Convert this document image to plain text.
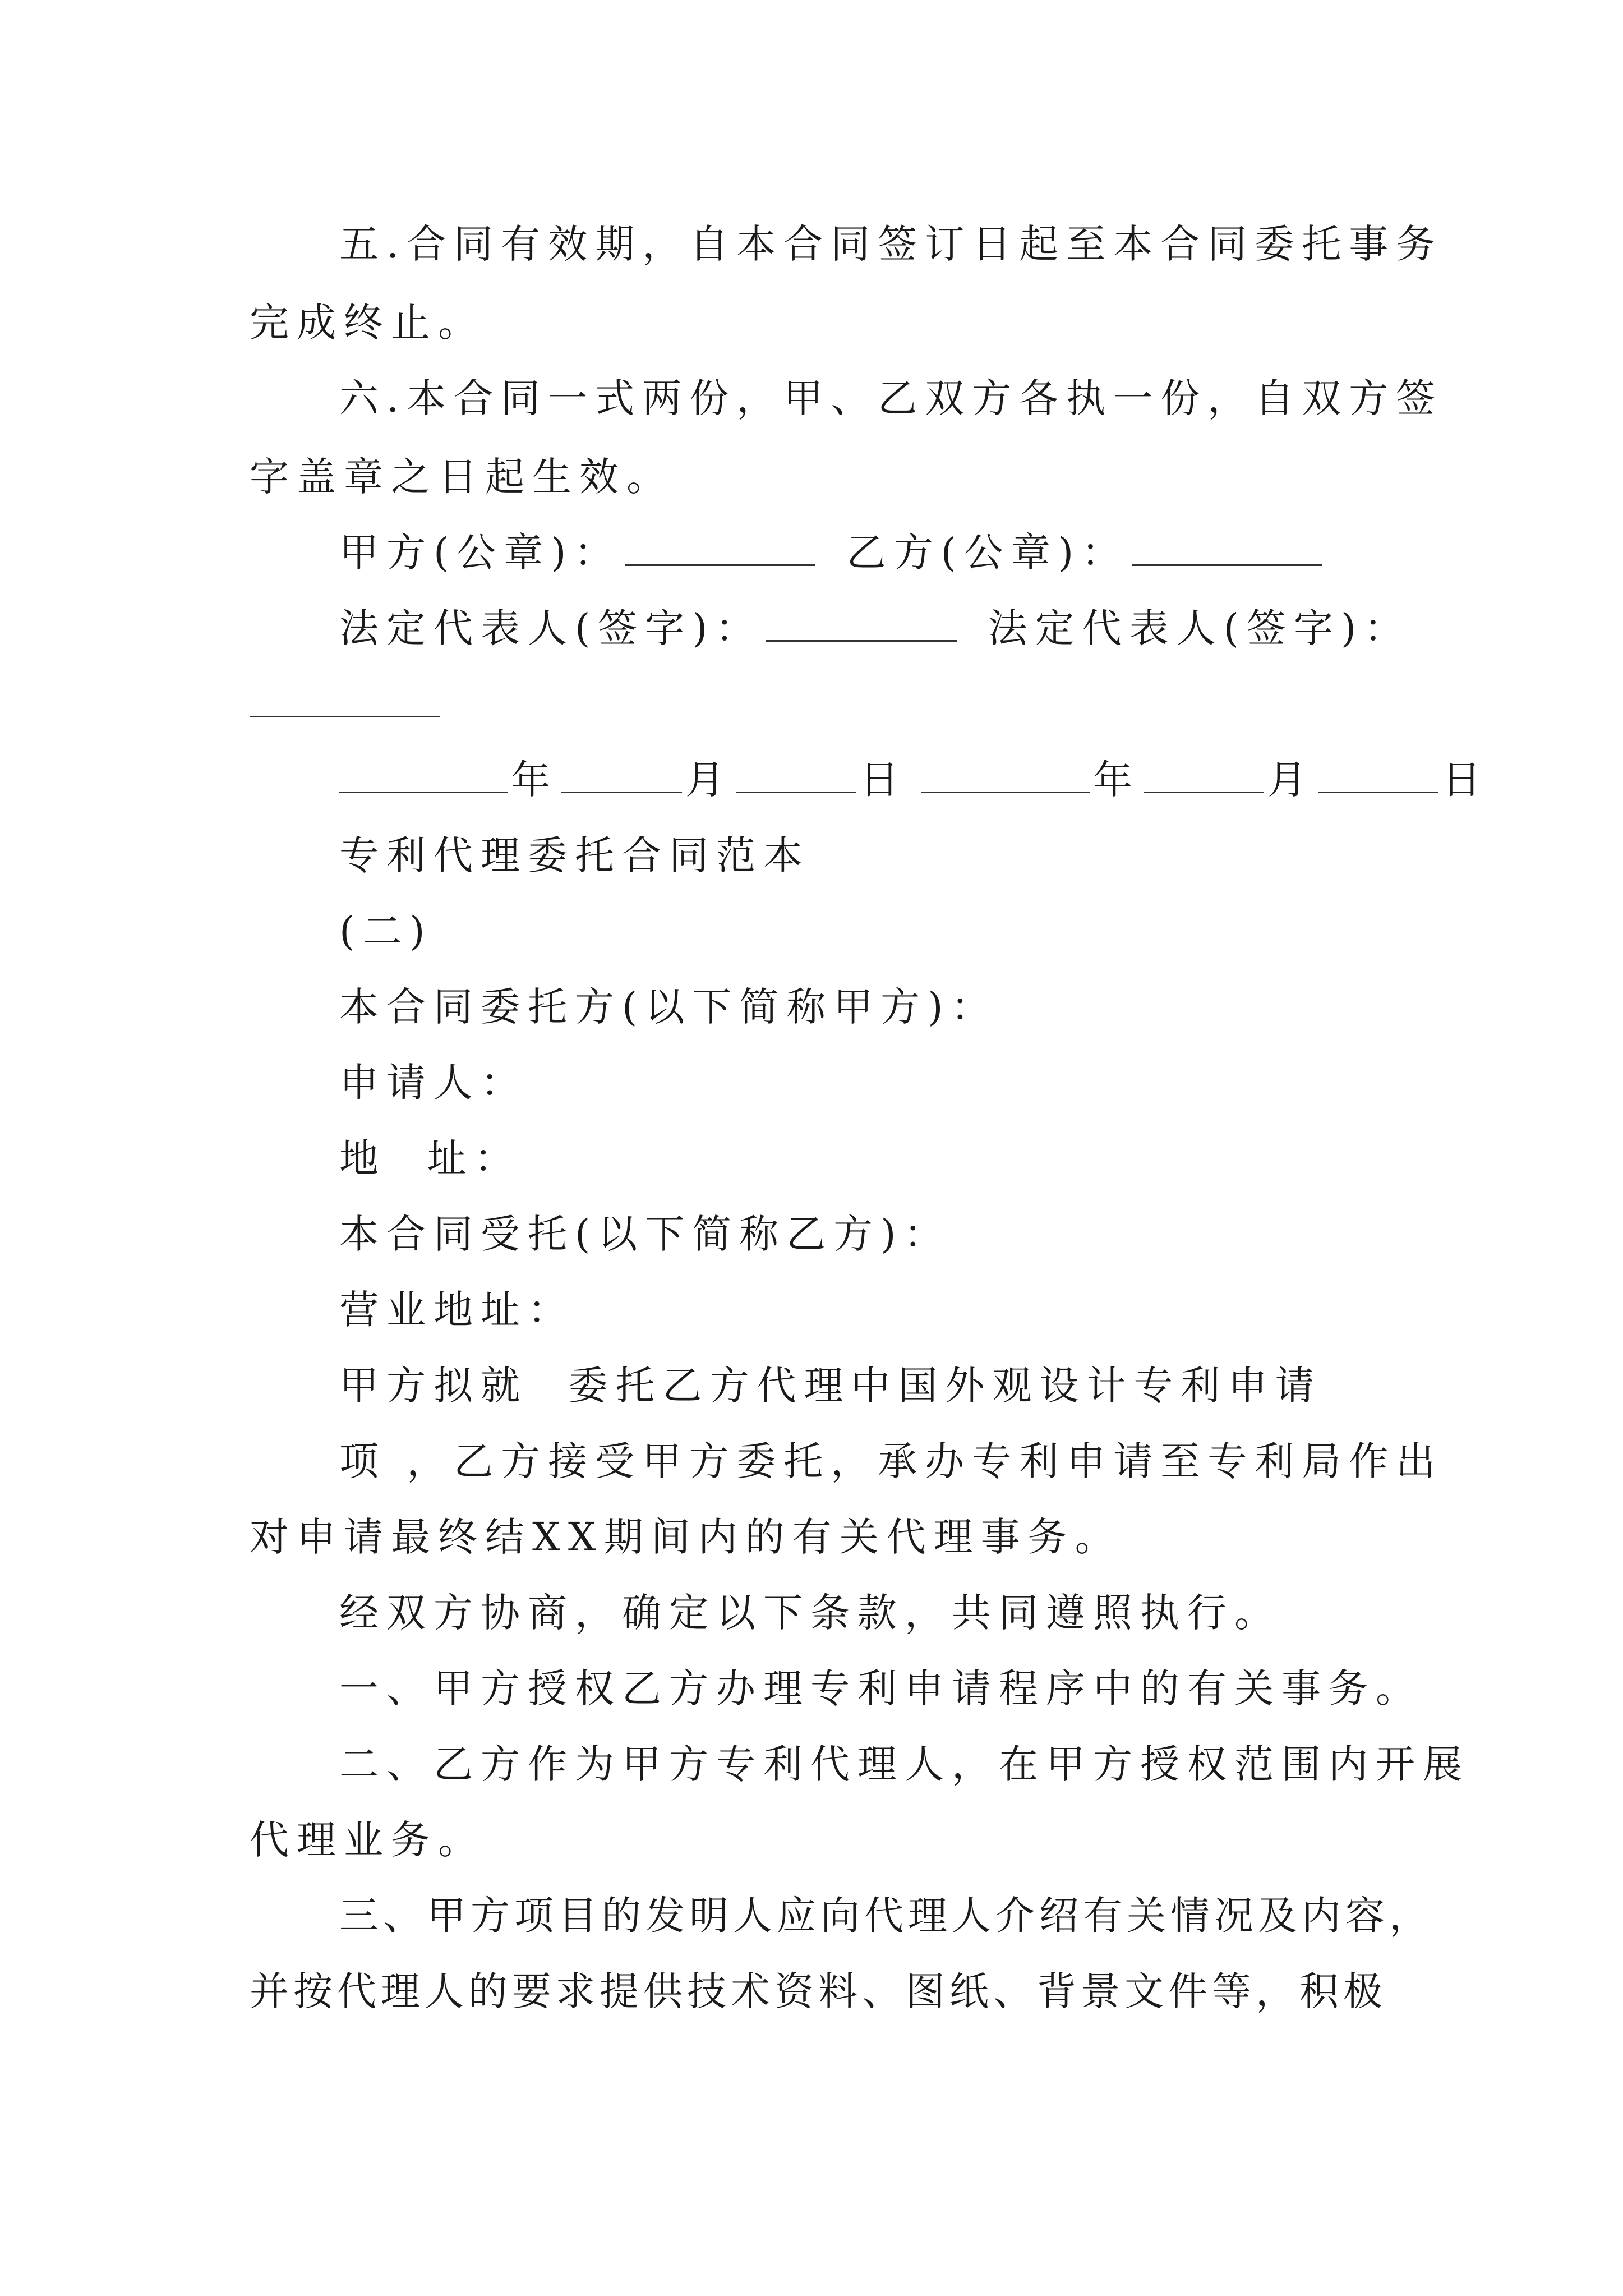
五.合同有效期，自本合同签订日起至本合同委托事务
完成终止。
六.本合同一式两份，甲、乙双方各执一份，自双方签
字盖章之日起生效。
甲方(公章)：	乙方(公章)：
法定代表人(签字)：	法定代表人(签字)：
年	月	日	年	月	日
专利代理委托合同范本
(二)
本合同委托方(以下简称甲方)：
申请人：
地  址：
本合同受托(以下简称乙方)：
营业地址：
甲方拟就  委托乙方代理中国外观设计专利申请
项 ，乙方接受甲方委托，承办专利申请至专利局作出
对申请最终结XX期间内的有关代理事务。
经双方协商，确定以下条款，共同遵照执行。
一、甲方授权乙方办理专利申请程序中的有关事务。
二、乙方作为甲方专利代理人，在甲方授权范围内开展
代理业务。
三、甲方项目的发明人应向代理人介绍有关情况及内容，
并按代理人的要求提供技术资料、图纸、背景文件等，积极
